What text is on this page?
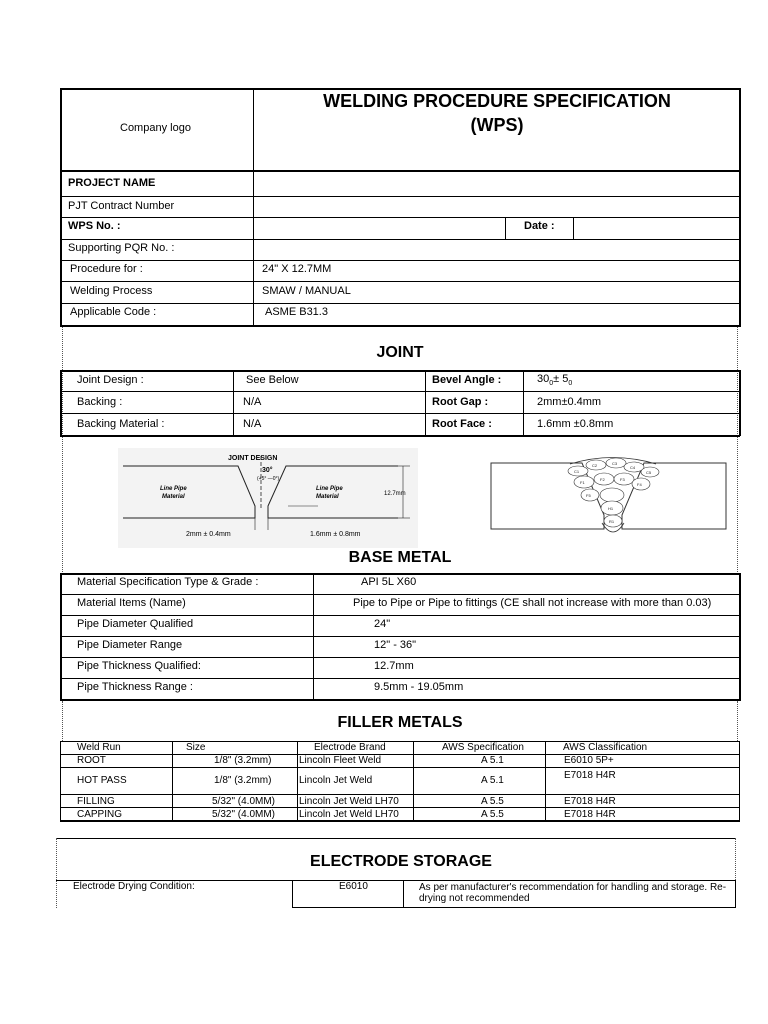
Company logo
WELDING PROCEDURE SPECIFICATION
(WPS)
PROJECT NAME
PJT Contract Number
WPS No. :	Date :
Supporting PQR No. :
Procedure for :	24" X 12.7MM
Welding Process	SMAW / MANUAL
Applicable Code :	ASME B31.3
JOINT
Joint Design :	See Below	Bevel Angle :	$30_0\pm 5_0$
Backing :	N/A	Root Gap :	2mm±0.4mm
Backing Material :	N/A	Root Face :	1.6mm ±0.8mm
JOINT DESIGN
30°
(+5° —0°)
Line Pipe
Material
Line Pipe
Material	12.7mm
2mm ± 0.4mm	1.6mm ± 0.8mm
C1
C2	C3
C4
C5
F1
F2	F3
F4
F5
H1
R1
BASE METAL
Material Specification Type & Grade :	API 5L X60
Material Items (Name)	Pipe to Pipe or Pipe to fittings (CE shall not increase with more than 0.03)
Pipe Diameter Qualified	24"
Pipe Diameter Range	12" - 36"
Pipe Thickness Qualified:	12.7mm
Pipe Thickness Range :	9.5mm - 19.05mm
FILLER METALS
Weld Run	Size	Electrode Brand	AWS Specification	AWS Classification
ROOT	1/8" (3.2mm)	Lincoln Fleet Weld	A 5.1	E6010 5P+
HOT PASS	1/8" (3.2mm)	Lincoln Jet Weld	A 5.1	E7018 H4R
FILLING	5/32" (4.0MM) Lincoln Jet Weld LH70	A 5.5	E7018 H4R
CAPPING	5/32" (4.0MM) Lincoln Jet Weld LH70	A 5.5	E7018 H4R
ELECTRODE STORAGE
Electrode Drying Condition:	E6010	As per manufacturer's recommendation for handling and storage. Re-
drying not recommended
